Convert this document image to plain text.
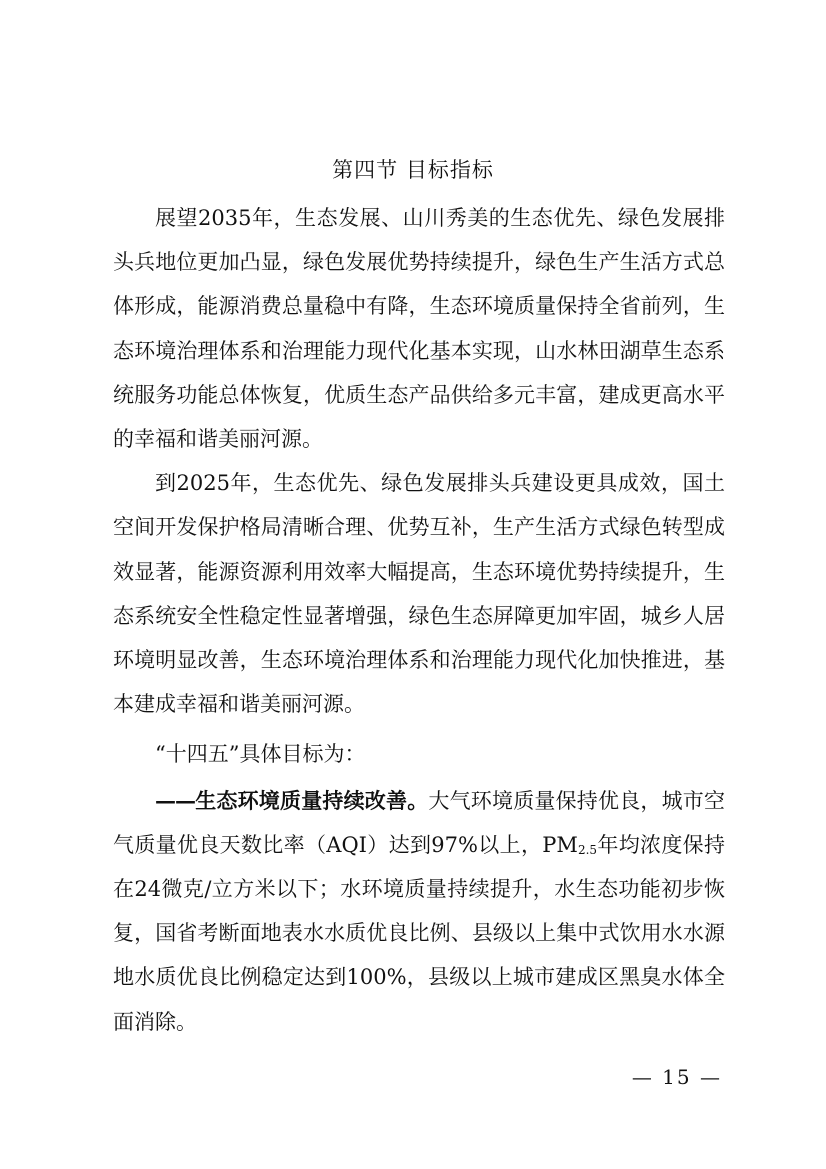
第四节 目标指标

展望2035年，生态发展、山川秀美的生态优先、绿色发展排头兵地位更加凸显，绿色发展优势持续提升，绿色生产生活方式总体形成，能源消费总量稳中有降，生态环境质量保持全省前列，生态环境治理体系和治理能力现代化基本实现，山水林田湖草生态系统服务功能总体恢复，优质生态产品供给多元丰富，建成更高水平的幸福和谐美丽河源。

到2025年，生态优先、绿色发展排头兵建设更具成效，国土空间开发保护格局清晰合理、优势互补，生产生活方式绿色转型成效显著，能源资源利用效率大幅提高，生态环境优势持续提升，生态系统安全性稳定性显著增强，绿色生态屏障更加牢固，城乡人居环境明显改善，生态环境治理体系和治理能力现代化加快推进，基本建成幸福和谐美丽河源。

“十四五”具体目标为：

——生态环境质量持续改善。大气环境质量保持优良，城市空气质量优良天数比率（AQI）达到97%以上，$PM_{2.5}$年均浓度保持在24微克/立方米以下；水环境质量持续提升，水生态功能初步恢复，国省考断面地表水水质优良比例、县级以上集中式饮用水水源地水质优良比例稳定达到100%，县级以上城市建成区黑臭水体全面消除。

— 15 —
